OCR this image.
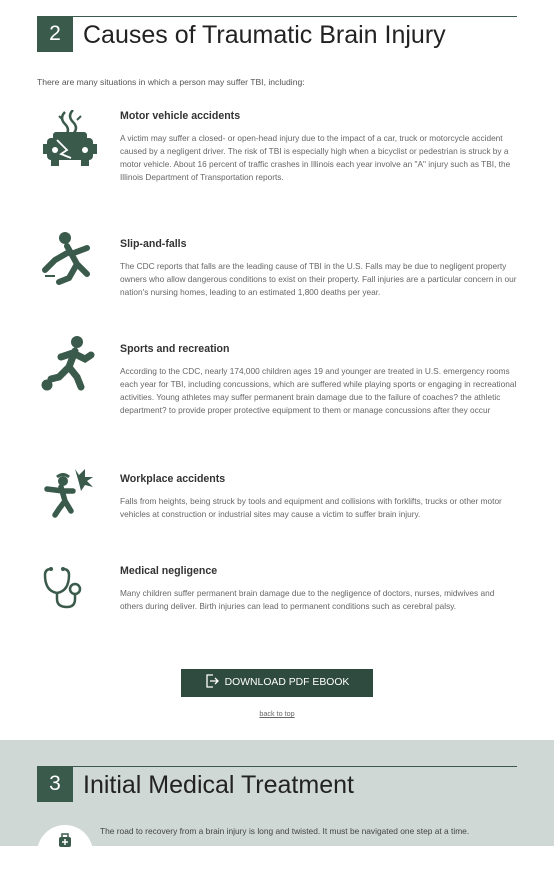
2 Causes of Traumatic Brain Injury
There are many situations in which a person may suffer TBI, including:
Motor vehicle accidents

A victim may suffer a closed- or open-head injury due to the impact of a car, truck or motorcycle accident caused by a negligent driver. The risk of TBI is especially high when a bicyclist or pedestrian is struck by a motor vehicle. About 16 percent of traffic crashes in Illinois each year involve an "A" injury such as TBI, the Illinois Department of Transportation reports.

Slip-and-falls

The CDC reports that falls are the leading cause of TBI in the U.S. Falls may be due to negligent property owners who allow dangerous conditions to exist on their property. Fall injuries are a particular concern in our nation's nursing homes, leading to an estimated 1,800 deaths per year.

Sports and recreation

According to the CDC, nearly 174,000 children ages 19 and younger are treated in U.S. emergency rooms each year for TBI, including concussions, which are suffered while playing sports or engaging in recreational activities. Young athletes may suffer permanent brain damage due to the failure of coaches? the athletic department? to provide proper protective equipment to them or manage concussions after they occur

Workplace accidents

Falls from heights, being struck by tools and equipment and collisions with forklifts, trucks or other motor vehicles at construction or industrial sites may cause a victim to suffer brain injury.

Medical negligence

Many children suffer permanent brain damage due to the negligence of doctors, nurses, midwives and others during deliver. Birth injuries can lead to permanent conditions such as cerebral palsy.

DOWNLOAD PDF EBOOK
back to top
3 Initial Medical Treatment
The road to recovery from a brain injury is long and twisted. It must be navigated one step at a time.
